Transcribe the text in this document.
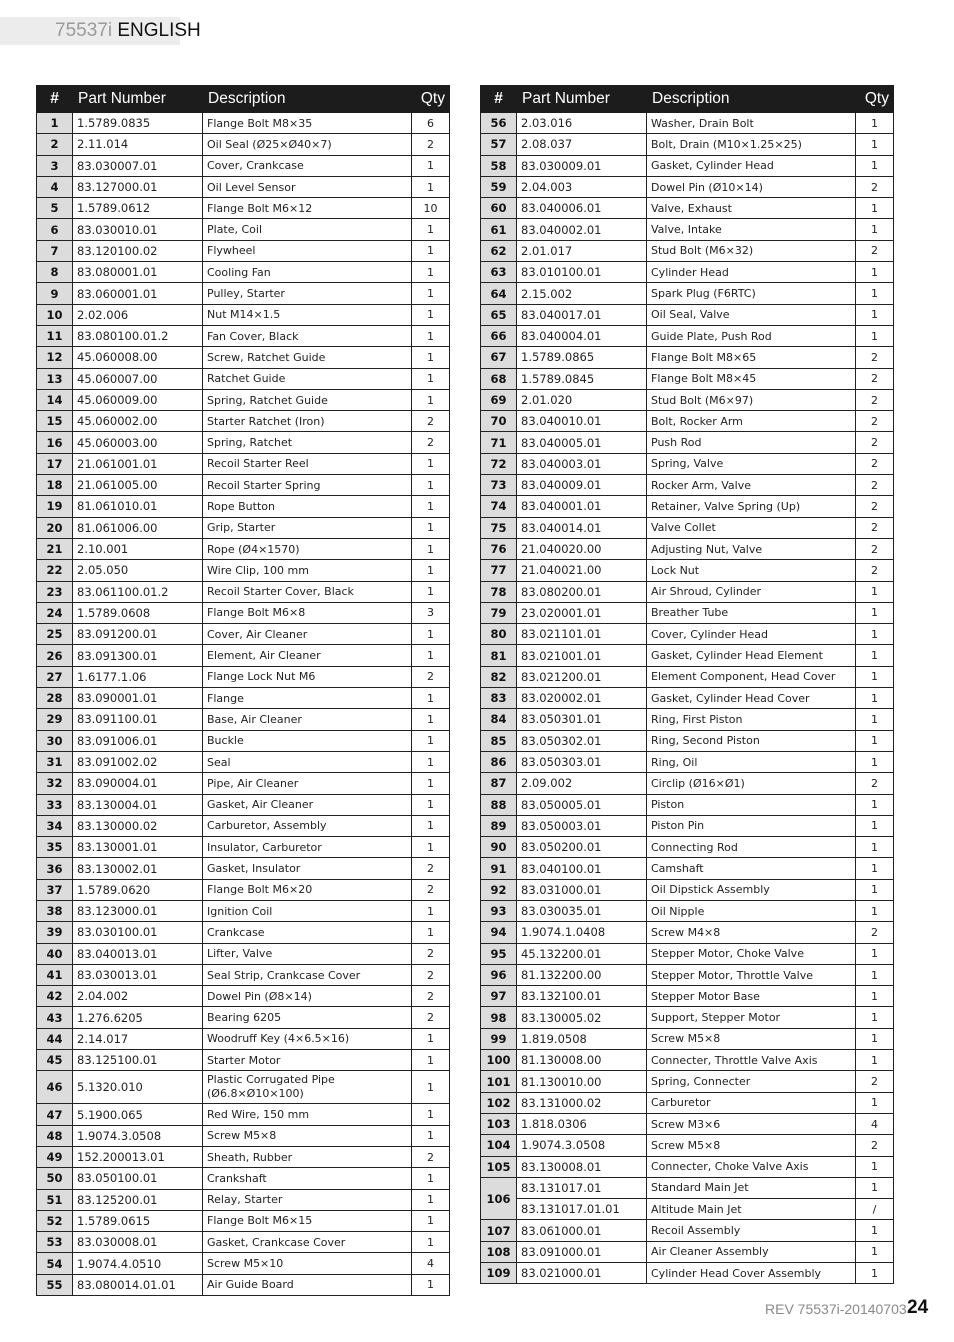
75537i ENGLISH
#	Part Number	Description	Qty
1	1.5789.0835	Flange Bolt M8×35	6
2	2.11.014	Oil Seal (Ø25×Ø40×7)	2
3	83.030007.01	Cover, Crankcase	1
4	83.127000.01	Oil Level Sensor	1
5	1.5789.0612	Flange Bolt M6×12	10
6	83.030010.01	Plate, Coil	1
7	83.120100.02	Flywheel	1
8	83.080001.01	Cooling Fan	1
9	83.060001.01	Pulley, Starter	1
10	2.02.006	Nut M14×1.5	1
11	83.080100.01.2	Fan Cover, Black	1
12	45.060008.00	Screw, Ratchet Guide	1
13	45.060007.00	Ratchet Guide	1
14	45.060009.00	Spring, Ratchet Guide	1
15	45.060002.00	Starter Ratchet (Iron)	2
16	45.060003.00	Spring, Ratchet	2
17	21.061001.01	Recoil Starter Reel	1
18	21.061005.00	Recoil Starter Spring	1
19	81.061010.01	Rope Button	1
20	81.061006.00	Grip, Starter	1
21	2.10.001	Rope (Ø4×1570)	1
22	2.05.050	Wire Clip, 100 mm	1
23	83.061100.01.2	Recoil Starter Cover, Black	1
24	1.5789.0608	Flange Bolt M6×8	3
25	83.091200.01	Cover, Air Cleaner	1
26	83.091300.01	Element, Air Cleaner	1
27	1.6177.1.06	Flange Lock Nut M6	2
28	83.090001.01	Flange	1
29	83.091100.01	Base, Air Cleaner	1
30	83.091006.01	Buckle	1
31	83.091002.02	Seal	1
32	83.090004.01	Pipe, Air Cleaner	1
33	83.130004.01	Gasket, Air Cleaner	1
34	83.130000.02	Carburetor, Assembly	1
35	83.130001.01	Insulator, Carburetor	1
36	83.130002.01	Gasket, Insulator	2
37	1.5789.0620	Flange Bolt M6×20	2
38	83.123000.01	Ignition Coil	1
39	83.030100.01	Crankcase	1
40	83.040013.01	Lifter, Valve	2
41	83.030013.01	Seal Strip, Crankcase Cover	2
42	2.04.002	Dowel Pin (Ø8×14)	2
43	1.276.6205	Bearing 6205	2
44	2.14.017	Woodruff Key (4×6.5×16)	1
45	83.125100.01	Starter Motor	1
46	5.1320.010	Plastic Corrugated Pipe (Ø6.8×Ø10×100)	1
47	5.1900.065	Red Wire, 150 mm	1
48	1.9074.3.0508	Screw M5×8	1
49	152.200013.01	Sheath, Rubber	2
50	83.050100.01	Crankshaft	1
51	83.125200.01	Relay, Starter	1
52	1.5789.0615	Flange Bolt M6×15	1
53	83.030008.01	Gasket, Crankcase Cover	1
54	1.9074.4.0510	Screw M5×10	4
55	83.080014.01.01	Air Guide Board	1
#	Part Number	Description	Qty
56	2.03.016	Washer, Drain Bolt	1
57	2.08.037	Bolt, Drain (M10×1.25×25)	1
58	83.030009.01	Gasket, Cylinder Head	1
59	2.04.003	Dowel Pin (Ø10×14)	2
60	83.040006.01	Valve, Exhaust	1
61	83.040002.01	Valve, Intake	1
62	2.01.017	Stud Bolt (M6×32)	2
63	83.010100.01	Cylinder Head	1
64	2.15.002	Spark Plug (F6RTC)	1
65	83.040017.01	Oil Seal, Valve	1
66	83.040004.01	Guide Plate, Push Rod	1
67	1.5789.0865	Flange Bolt M8×65	2
68	1.5789.0845	Flange Bolt M8×45	2
69	2.01.020	Stud Bolt (M6×97)	2
70	83.040010.01	Bolt, Rocker Arm	2
71	83.040005.01	Push Rod	2
72	83.040003.01	Spring, Valve	2
73	83.040009.01	Rocker Arm, Valve	2
74	83.040001.01	Retainer, Valve Spring (Up)	2
75	83.040014.01	Valve Collet	2
76	21.040020.00	Adjusting Nut, Valve	2
77	21.040021.00	Lock Nut	2
78	83.080200.01	Air Shroud, Cylinder	1
79	23.020001.01	Breather Tube	1
80	83.021101.01	Cover, Cylinder Head	1
81	83.021001.01	Gasket, Cylinder Head Element	1
82	83.021200.01	Element Component, Head Cover	1
83	83.020002.01	Gasket, Cylinder Head Cover	1
84	83.050301.01	Ring, First Piston	1
85	83.050302.01	Ring, Second Piston	1
86	83.050303.01	Ring, Oil	1
87	2.09.002	Circlip (Ø16×Ø1)	2
88	83.050005.01	Piston	1
89	83.050003.01	Piston Pin	1
90	83.050200.01	Connecting Rod	1
91	83.040100.01	Camshaft	1
92	83.031000.01	Oil Dipstick Assembly	1
93	83.030035.01	Oil Nipple	1
94	1.9074.1.0408	Screw M4×8	2
95	45.132200.01	Stepper Motor, Choke Valve	1
96	81.132200.00	Stepper Motor, Throttle Valve	1
97	83.132100.01	Stepper Motor Base	1
98	83.130005.02	Support, Stepper Motor	1
99	1.819.0508	Screw M5×8	1
100	81.130008.00	Connecter, Throttle Valve Axis	1
101	81.130010.00	Spring, Connecter	2
102	83.131000.02	Carburetor	1
103	1.818.0306	Screw M3×6	4
104	1.9074.3.0508	Screw M5×8	2
105	83.130008.01	Connecter, Choke Valve Axis	1
106	83.131017.01	Standard Main Jet	1
	83.131017.01.01	Altitude Main Jet	/
107	83.061000.01	Recoil Assembly	1
108	83.091000.01	Air Cleaner Assembly	1
109	83.021000.01	Cylinder Head Cover Assembly	1
REV 75537i-20140703 24
